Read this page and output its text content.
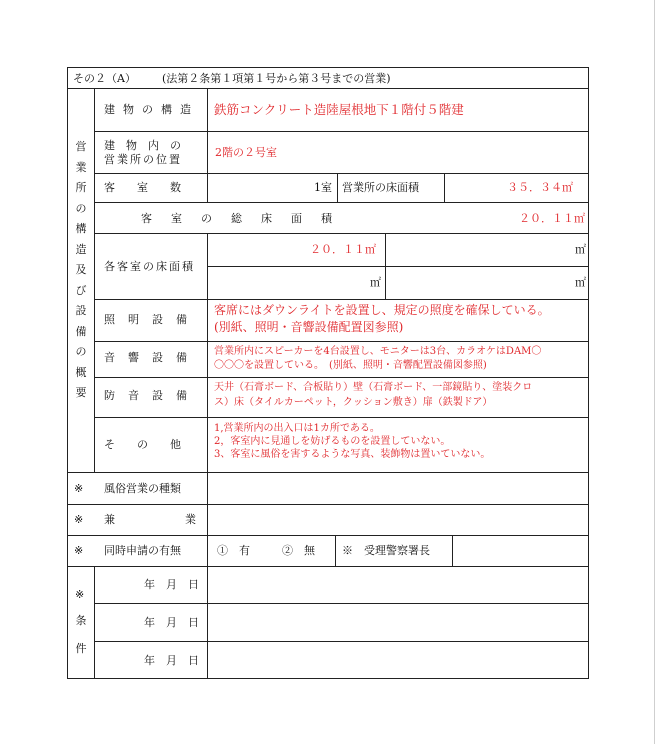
その２（A） (法第２条第１項第１号から第３号までの営業)
営業所の構造及び設備の概要
建物の構造 鉄筋コンクリート造陸屋根地下１階付５階建
建　物　内　の
営業所の位置
2階の２号室
客室数	1室 営業所の床面積	３５．３４㎡
客室の総床面積	２０．１１㎡
各客室の床面積
２０．１１㎡	㎡
㎡	㎡
照明設備
客席にはダウンライトを設置し、規定の照度を確保している。
(別紙、照明・音響設備配置図参照)
音響設備 営業所内にスピーカーを4台設置し、モニターは3台、カラオケはDAM〇
〇〇〇を設置している。　(別紙、照明・音響配置設備図参照)
防音設備
天井（石膏ボード、合板貼り）壁（石膏ボード、一部鏡貼り、塗装クロ
ス）床（タイルカーペット，クッション敷き）扉（鉄製ドア）
その他
1,営業所内の出入口は1カ所である。
2，客室内に見通しを妨げるものを設置していない。
3、客室に風俗を害するような写真、装飾物は置いていない。
※ 風俗営業の種類
※ 兼業
※ 同時申請の有無	①　有	②　無 ※　受理警察署長
※
条件
年　月　日
年　月　日
年　月　日
